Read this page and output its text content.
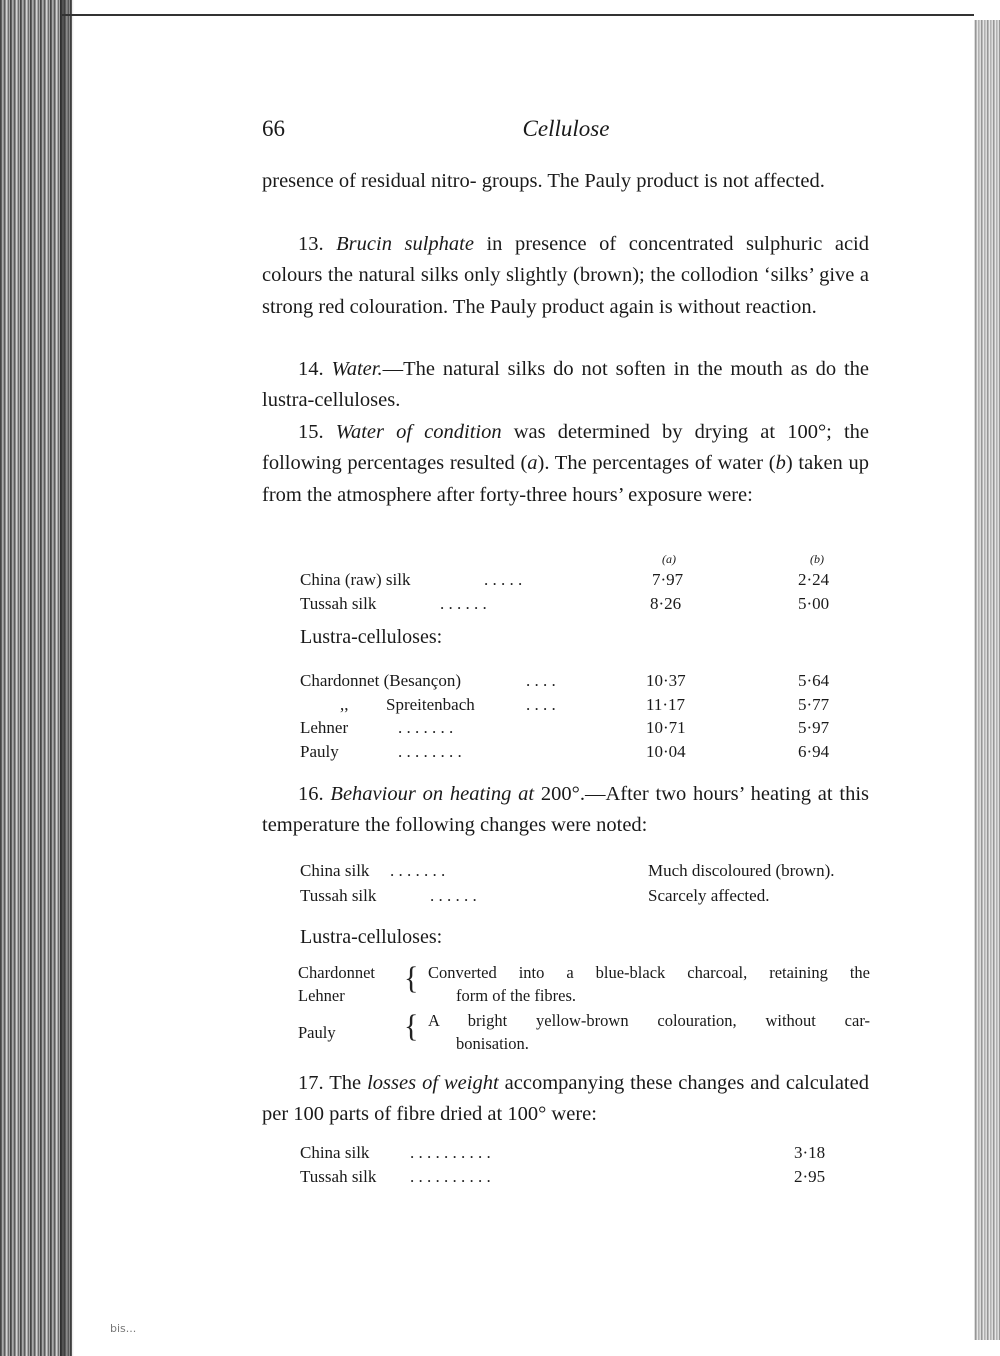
bis...
66	Cellulose

presence of residual nitro- groups. The Pauly product is not affected.

13. Brucin sulphate in presence of concentrated sulphuric acid colours the natural silks only slightly (brown); the collodion ‘silks’ give a strong red colouration. The Pauly product again is without reaction.

14. Water.—The natural silks do not soften in the mouth as do the lustra-celluloses.

15. Water of condition was determined by drying at 100°; the following percentages resulted (a). The percentages of water (b) taken up from the atmosphere after forty-three hours’ exposure were:

(a)	(b)
China (raw) silk	. . . . .	7·97	2·24
Tussah silk	. . . . . .	8·26	5·00
Lustra-celluloses:
Chardonnet (Besançon)	. . . .	10·37	5·64
,, Spreitenbach	. . . .	11·17	5·77
Lehner	. . . . . . .	10·71	5·97
Pauly	. . . . . . . .	10·04	6·94

16. Behaviour on heating at 200°.—After two hours’ heating at this temperature the following changes were noted:

China silk . . . . . . .	Much discoloured (brown).
Tussah silk	. . . . . .	Scarcely affected.
Lustra-celluloses:
Chardonnet
Lehner { Converted into a blue-black charcoal, retaining the
form of the fibres.
Pauly { A bright yellow-brown colouration, without car-
bonisation.

17. The losses of weight accompanying these changes and calculated per 100 parts of fibre dried at 100° were:

China silk . . . . . . . . . .	3·18
Tussah silk . . . . . . . . . .	2·95
